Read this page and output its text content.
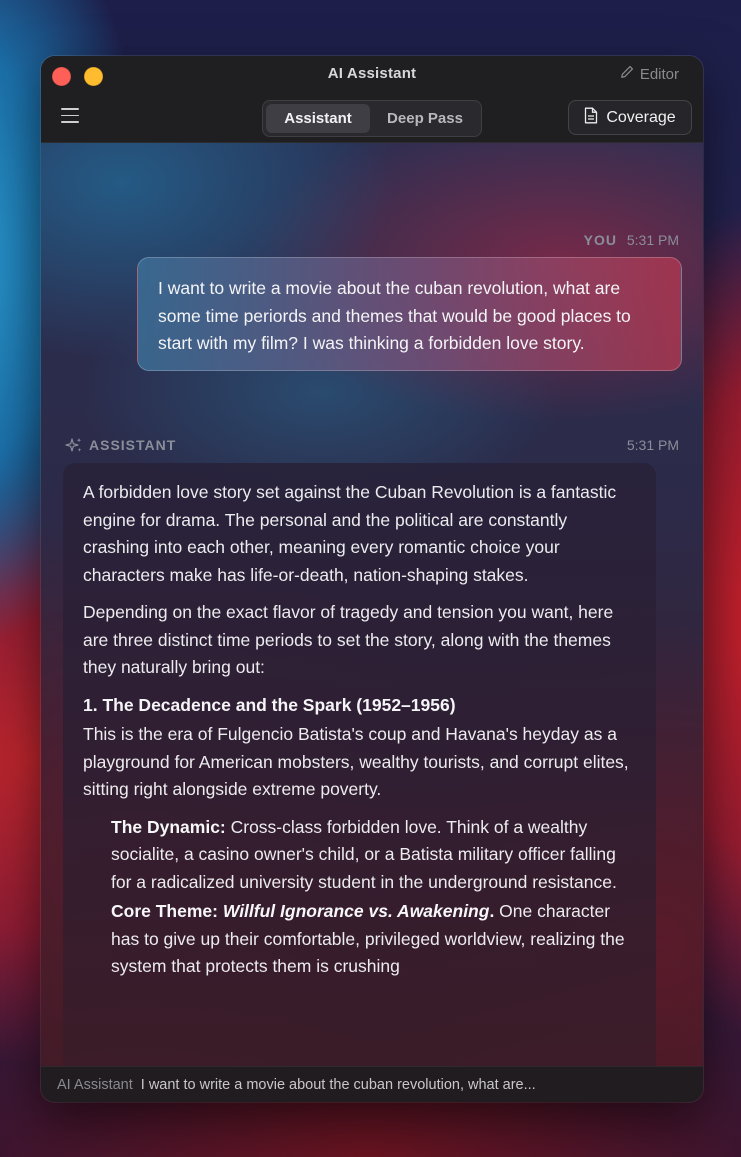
AI Assistant	Editor
Assistant	Deep Pass	Coverage
YOU 5:31 PM
I want to write a movie about the cuban revolution, what are some time periords and themes that would be good places to start with my film? I was thinking a forbidden love story.
ASSISTANT	5:31 PM

A forbidden love story set against the Cuban Revolution is a fantastic engine for drama. The personal and the political are constantly crashing into each other, meaning every romantic choice your characters make has life-or-death, nation-shaping stakes.

Depending on the exact flavor of tragedy and tension you want, here are three distinct time periods to set the story, along with the themes they naturally bring out:

1. The Decadence and the Spark (1952–1956)

This is the era of Fulgencio Batista's coup and Havana's heyday as a playground for American mobsters, wealthy tourists, and corrupt elites, sitting right alongside extreme poverty.

The Dynamic: Cross-class forbidden love. Think of a wealthy socialite, a casino owner's child, or a Batista military officer falling for a radicalized university student in the underground resistance.
Core Theme: Willful Ignorance vs. Awakening. One character has to give up their comfortable, privileged worldview, realizing the system that protects them is crushing
Ask anything about your project...
AI Assistant I want to write a movie about the cuban revolution, what are...
